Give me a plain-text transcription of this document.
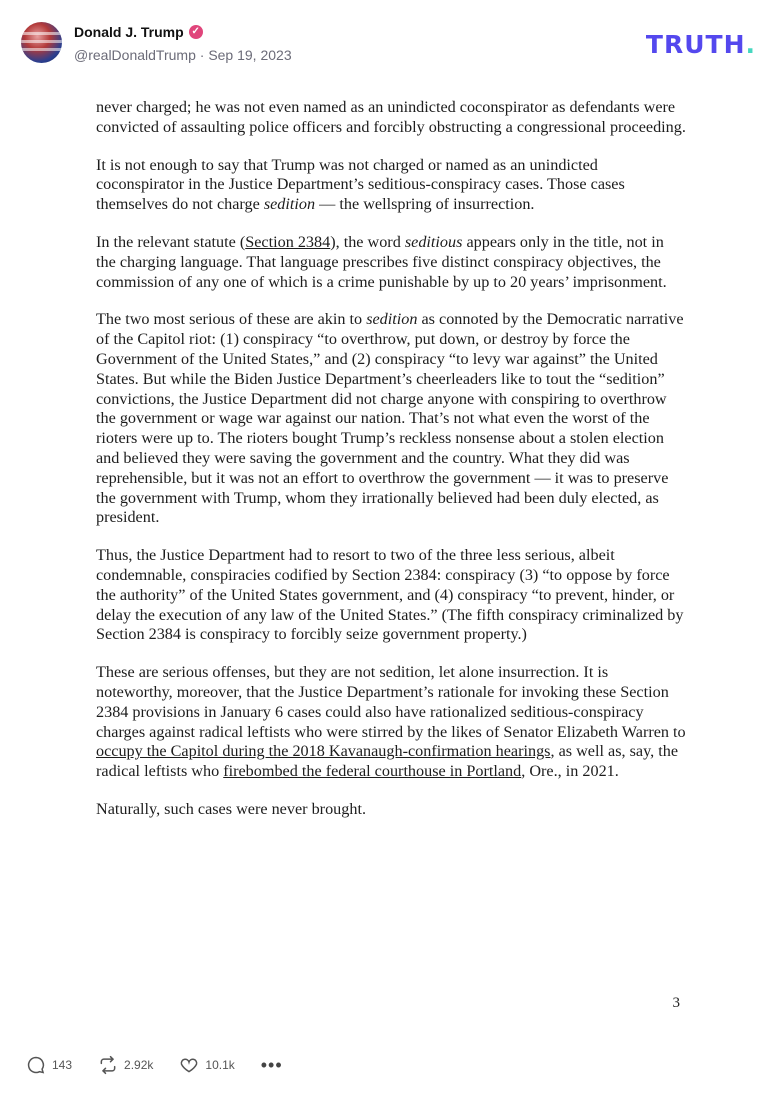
Donald J. Trump ✓
@realDonaldTrump · Sep 19, 2023	TRUTH.

never charged; he was not even named as an unindicted coconspirator as defendants were convicted of assaulting police officers and forcibly obstructing a congressional proceeding.

It is not enough to say that Trump was not charged or named as an unindicted coconspirator in the Justice Department’s seditious-conspiracy cases. Those cases themselves do not charge sedition — the wellspring of insurrection.

In the relevant statute (Section 2384), the word seditious appears only in the title, not in the charging language. That language prescribes five distinct conspiracy objectives, the commission of any one of which is a crime punishable by up to 20 years’ imprisonment.

The two most serious of these are akin to sedition as connoted by the Democratic narrative of the Capitol riot: (1) conspiracy “to overthrow, put down, or destroy by force the Government of the United States,” and (2) conspiracy “to levy war against” the United States. But while the Biden Justice Department’s cheerleaders like to tout the “sedition” convictions, the Justice Department did not charge anyone with conspiring to overthrow the government or wage war against our nation. That’s not what even the worst of the rioters were up to. The rioters bought Trump’s reckless nonsense about a stolen election and believed they were saving the government and the country. What they did was reprehensible, but it was not an effort to overthrow the government — it was to preserve the government with Trump, whom they irrationally believed had been duly elected, as president.

Thus, the Justice Department had to resort to two of the three less serious, albeit condemnable, conspiracies codified by Section 2384: conspiracy (3) “to oppose by force the authority” of the United States government, and (4) conspiracy “to prevent, hinder, or delay the execution of any law of the United States.” (The fifth conspiracy criminalized by Section 2384 is conspiracy to forcibly seize government property.)

These are serious offenses, but they are not sedition, let alone insurrection. It is noteworthy, moreover, that the Justice Department’s rationale for invoking these Section 2384 provisions in January 6 cases could also have rationalized seditious-conspiracy charges against radical leftists who were stirred by the likes of Senator Elizabeth Warren to occupy the Capitol during the 2018 Kavanaugh-confirmation hearings, as well as, say, the radical leftists who firebombed the federal courthouse in Portland, Ore., in 2021.

Naturally, such cases were never brought.

3
143	2.92k	10.1k •••
